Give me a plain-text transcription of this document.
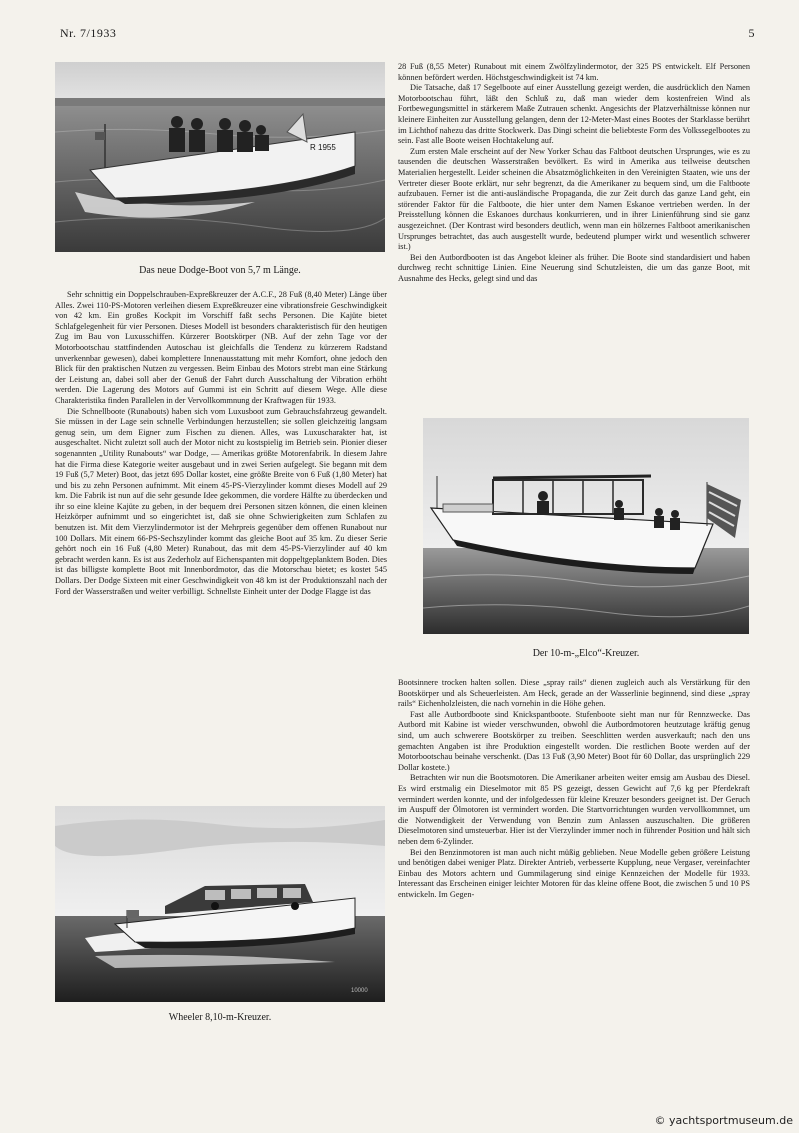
Nr. 7/1933	5
R 1955
Das neue Dodge-Boot von 5,7 m Länge.

Sehr schnittig ein Doppelschrauben-Expreßkreuzer der A.C.F., 28 Fuß (8,40 Meter) Länge über Alles. Zwei 110-PS-Motoren verleihen diesem Expreßkreuzer eine vibrationsfreie Geschwindigkeit von 42 km. Ein großes Kockpit im Vorschiff faßt sechs Personen. Die Kajüte bietet Schlafgelegenheit für vier Personen. Dieses Modell ist besonders charakteristisch für den heutigen Zug im Bau von Luxusschiffen. Kürzerer Bootskörper (NB. Auf der zehn Tage vor der Motorbootschau stattfindenden Autoschau ist gleichfalls die Tendenz zu kürzerem Radstand unverkennbar gewesen), dabei komplettere Innenausstattung mit mehr Komfort, ohne jedoch den Blick für den praktischen Nutzen zu vergessen. Beim Einbau des Motors strebt man eine Stärkung der Leistung an, dabei soll aber der Genuß der Fahrt durch Ausschaltung der Vibration erhöht werden. Die Lagerung des Motors auf Gummi ist ein Schritt auf diesem Wege. Alle diese Charakteristika finden Parallelen in der Vervollkommnung der Kraftwagen für 1933.

Die Schnellboote (Runabouts) haben sich vom Luxusboot zum Gebrauchsfahrzeug gewandelt. Sie müssen in der Lage sein schnelle Verbindungen herzustellen; sie sollen gleichzeitig langsam genug sein, um dem Eigner zum Fischen zu dienen. Alles, was Luxuscharakter hat, ist ausgeschaltet. Nicht zuletzt soll auch der Motor nicht zu kostspielig im Betrieb sein. Pionier dieser sogenannten „Utility Runabouts“ war Dodge, — Amerikas größte Motorenfabrik. In diesem Jahre hat die Firma diese Kategorie weiter ausgebaut und in zwei Serien aufgelegt. Sie begann mit dem 19 Fuß (5,7 Meter) Boot, das jetzt 695 Dollar kostet, eine größte Breite von 6 Fuß (1,80 Meter) hat und bis zu zehn Personen aufnimmt. Mit einem 45-PS-Vierzylinder kommt dieses Modell auf 29 km. Die Fabrik ist nun auf die sehr gesunde Idee gekommen, die vordere Hälfte zu überdecken und ihr so eine kleine Kajüte zu geben, in der bequem drei Personen sitzen können, die einen kleinen Heizkörper aufnimmt und so eingerichtet ist, daß sie ohne Schwierigkeiten zum Schlafen zu benutzen ist. Mit dem Vierzylindermotor ist der Mehrpreis gegenüber dem offenen Runabout nur 100 Dollars. Mit einem 66-PS-Sechszylinder kommt das gleiche Boot auf 35 km. Zu dieser Serie gehört noch ein 16 Fuß (4,80 Meter) Runabout, das mit dem 45-PS-Vierzylinder auf 40 km gebracht werden kann. Es ist aus Zederholz auf Eichenspanten mit doppeltgeplanktem Boden. Dies ist das billigste komplette Boot mit Innenbordmotor, das die Motorschau bietet; es kostet 545 Dollars. Der Dodge Sixteen mit einer Geschwindigkeit von 48 km ist der Produktionszahl nach der Ford der Wasserstraßen und weiter verbilligt. Schnellste Einheit unter der Dodge Flagge ist das

10000
Wheeler 8,10-m-Kreuzer.

28 Fuß (8,55 Meter) Runabout mit einem Zwölfzylindermotor, der 325 PS entwickelt. Elf Personen können befördert werden. Höchstgeschwindigkeit ist 74 km.

Die Tatsache, daß 17 Segelboote auf einer Ausstellung gezeigt werden, die ausdrücklich den Namen Motorbootschau führt, läßt den Schluß zu, daß man wieder dem kostenfreien Wind als Fortbewegungsmittel in stärkerem Maße Zutrauen schenkt. Angesichts der Platzverhältnisse können nur kleinere Einheiten zur Ausstellung gelangen, denn der 12-Meter-Mast eines Bootes der Starklasse berührt im Lichthof nahezu das dritte Stockwerk. Das Dingi scheint die beliebteste Form des Volkssegelbootes zu sein. Fast alle Boote weisen Hochtakelung auf.

Zum ersten Male erscheint auf der New Yorker Schau das Faltboot deutschen Ursprunges, wie es zu tausenden die deutschen Wasserstraßen bevölkert. Es wird in Amerika aus teilweise deutschen Materialien hergestellt. Leider scheinen die Absatzmöglichkeiten in den Vereinigten Staaten, wie uns der Vertreter dieser Boote erklärt, nur sehr begrenzt, da die Amerikaner zu bequem sind, um die Faltboote aufzubauen. Ferner ist die anti-ausländische Propaganda, die zur Zeit durch das ganze Land geht, ein störender Faktor für die Faltboote, die hier unter dem Namen Eskanoe vertrieben werden. In der Preisstellung können die Eskanoes durchaus konkurrieren, und in ihrer Linienführung sind sie ganz ausgezeichnet. (Der Kontrast wird besonders deutlich, wenn man ein hölzernes Faltboot amerikanischen Ursprunges betrachtet, das auch ausgestellt wurde, bedeutend plumper wirkt und wesentlich schwerer ist.)

Bei den Autbordbooten ist das Angebot kleiner als früher. Die Boote sind standardisiert und haben durchweg recht schnittige Linien. Eine Neuerung sind Schutzleisten, die um das ganze Boot, mit Ausnahme des Hecks, gelegt sind und das

Der 10-m-„Elco“-Kreuzer.

Bootsinnere trocken halten sollen. Diese „spray rails“ dienen zugleich auch als Verstärkung für den Bootskörper und als Scheuerleisten. Am Heck, gerade an der Wasserlinie beginnend, sind diese „spray rails“ Eichenholzleisten, die nach vornehin in die Höhe gehen.

Fast alle Autbordboote sind Knickspantboote. Stufenboote sieht man nur für Rennzwecke. Das Autbord mit Kabine ist wieder verschwunden, obwohl die Autbordmotoren heutzutage kräftig genug sind, um auch schwerere Bootskörper zu treiben. Seeschlitten werden ausverkauft; nach den uns gemachten Angaben ist ihre Produktion eingestellt worden. Die restlichen Boote werden auf der Motorbootschau beinahe verschenkt. (Das 13 Fuß (3,90 Meter) Boot für 60 Dollar, das ursprünglich 229 Dollar kostete.)

Betrachten wir nun die Bootsmotoren. Die Amerikaner arbeiten weiter emsig am Ausbau des Diesel. Es wird erstmalig ein Dieselmotor mit 85 PS gezeigt, dessen Gewicht auf 7,6 kg per Pferdekraft vermindert werden konnte, und der infolgedessen für kleine Kreuzer besonders geeignet ist. Der Geruch im Auspuff der Ölmotoren ist vermindert worden. Die Startvorrichtungen wurden vervollkommnet, um die Notwendigkeit der Verwendung von Benzin zum Anlassen auszuschalten. Die größeren Dieselmotoren sind umsteuerbar. Hier ist der Vierzylinder immer noch in führender Position und hält sich neben dem 6-Zylinder.

Bei den Benzinmotoren ist man auch nicht müßig geblieben. Neue Modelle geben größere Leistung und benötigen dabei weniger Platz. Direkter Antrieb, verbesserte Kupplung, neue Vergaser, vereinfachter Einbau des Motors achtern und Gummilagerung sind einige Kennzeichen der Modelle für 1933. Interessant das Erscheinen einiger leichter Motoren für das kleine offene Boot, die zwischen 5 und 10 PS entwickeln. Im Gegen-

© yachtsportmuseum.de
